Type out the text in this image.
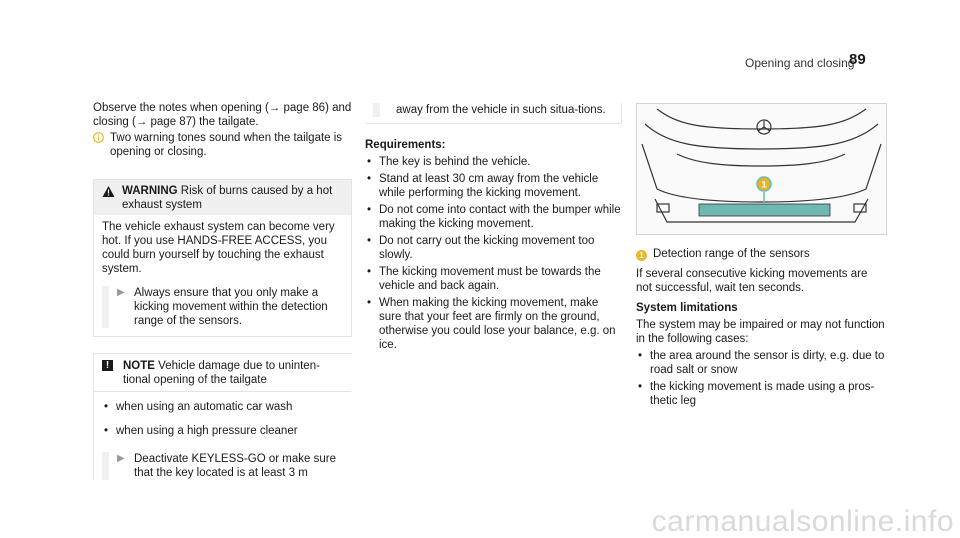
Opening and closing
89

Observe the notes when opening (→ page 86) and closing (→ page 87) the tailgate.

Two warning tones sound when the tailgate is opening or closing.

WARNING Risk of burns caused by a hot exhaust system

The vehicle exhaust system can become very hot. If you use HANDS-FREE ACCESS, you could burn yourself by touching the exhaust system.

▶ Always ensure that you only make a kicking movement within the detection range of the sensors.

!	NOTE Vehicle damage due to uninten-tional opening of the tailgate

• when using an automatic car wash
• when using a high pressure cleaner
▶ Deactivate KEYLESS-GO or make sure that the key located is at least 3 m

away from the vehicle in such situa-tions.

Requirements:

• The key is behind the vehicle.
• Stand at least 30 cm away from the vehicle while performing the kicking movement.
• Do not come into contact with the bumper while making the kicking movement.
• Do not carry out the kicking movement too slowly.
• The kicking movement must be towards the vehicle and back again.
• When making the kicking movement, make sure that your feet are firmly on the ground, otherwise you could lose your balance, e.g. on ice.
1

1 Detection range of the sensors

If several consecutive kicking movements are not successful, wait ten seconds.

System limitations

The system may be impaired or may not function in the following cases:

• the area around the sensor is dirty, e.g. due to road salt or snow
• the kicking movement is made using a pros-thetic leg
carmanualsonline.info
